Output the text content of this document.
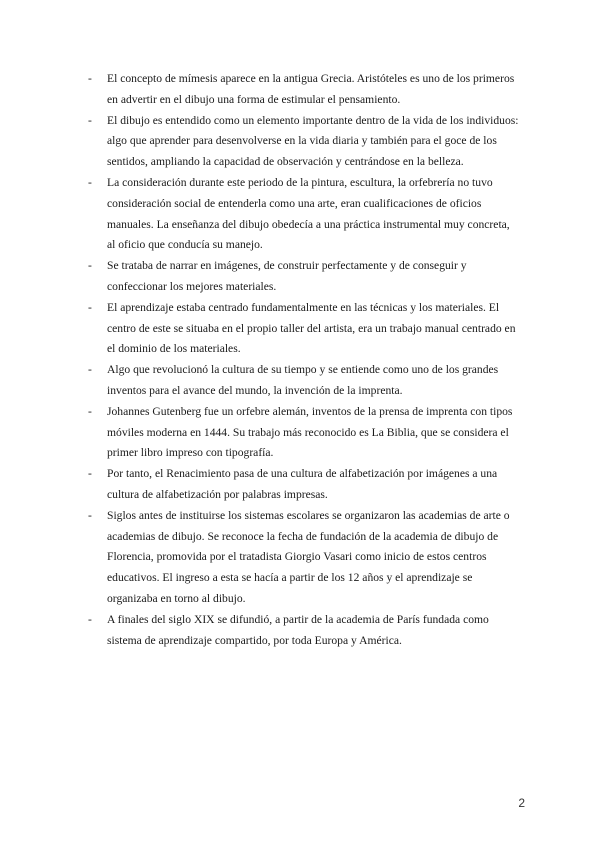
- El concepto de mímesis aparece en la antigua Grecia. Aristóteles es uno de los primeros en advertir en el dibujo una forma de estimular el pensamiento.
- El dibujo es entendido como un elemento importante dentro de la vida de los individuos: algo que aprender para desenvolverse en la vida diaria y también para el goce de los sentidos, ampliando la capacidad de observación y centrándose en la belleza.
- La consideración durante este periodo de la pintura, escultura, la orfebrería no tuvo consideración social de entenderla como una arte, eran cualificaciones de oficios manuales. La enseñanza del dibujo obedecía a una práctica instrumental muy concreta, al oficio que conducía su manejo.
- Se trataba de narrar en imágenes, de construir perfectamente y de conseguir y confeccionar los mejores materiales.
- El aprendizaje estaba centrado fundamentalmente en las técnicas y los materiales. El centro de este se situaba en el propio taller del artista, era un trabajo manual centrado en el dominio de los materiales.
- Algo que revolucionó la cultura de su tiempo y se entiende como uno de los grandes inventos para el avance del mundo, la invención de la imprenta.
- Johannes Gutenberg fue un orfebre alemán, inventos de la prensa de imprenta con tipos móviles moderna en 1444. Su trabajo más reconocido es La Biblia, que se considera el primer libro impreso con tipografía.
- Por tanto, el Renacimiento pasa de una cultura de alfabetización por imágenes a una cultura de alfabetización por palabras impresas.
- Siglos antes de instituirse los sistemas escolares se organizaron las academias de arte o academias de dibujo. Se reconoce la fecha de fundación de la academia de dibujo de Florencia, promovida por el tratadista Giorgio Vasari como inicio de estos centros educativos. El ingreso a esta se hacía a partir de los 12 años y el aprendizaje se organizaba en torno al dibujo.
- A finales del siglo XIX se difundió, a partir de la academia de París fundada como sistema de aprendizaje compartido, por toda Europa y América.
2
